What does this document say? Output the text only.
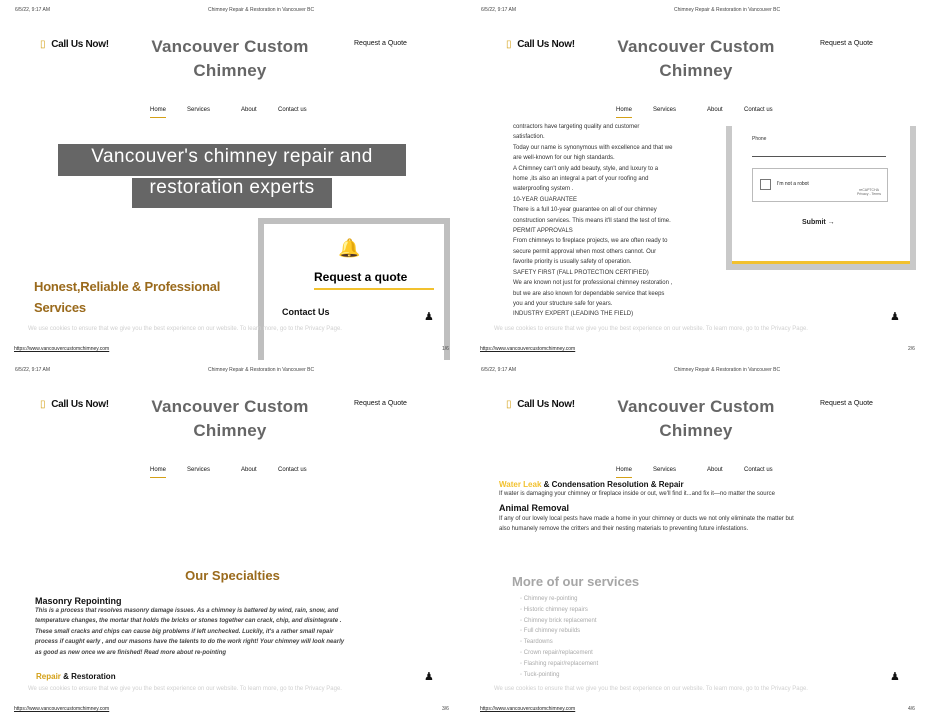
6/5/22, 9:17 AM	Chimney Repair & Restoration in Vancouver BC
▯ Call Us Now!	Vancouver Custom
Chimney
Request a Quote
Home	Services	About	Contact us
Vancouver's chimney repair and
restoration experts
Honest,Reliable & Professional
Services
🔔
Request a quote
Contact Us	♟
We use cookies to ensure that we give you the best experience on our website. To learn more, go to the Privacy Page.
https://www.vancouvercustomchimney.com	1/6
6/5/22, 9:17 AM	Chimney Repair & Restoration in Vancouver BC
▯ Call Us Now!	Vancouver Custom
Chimney
Request a Quote
Home	Services	About	Contact us
contractors have targeting quality and customer
satisfaction.
Today our name is synonymous with excellence and that we
are well-known for our high standards.
A Chimney can't only add beauty, style, and luxury to a
home ,its also an integral a part of your roofing and
waterproofing system .
10-YEAR GUARANTEE
There is a full 10-year guarantee on all of our chimney
construction services. This means it'll stand the test of time.
PERMIT APPROVALS
From chimneys to fireplace projects, we are often ready to
secure permit approval when most others cannot. Our
favorite priority is usually safety of operation.
SAFETY FIRST (FALL PROTECTION CERTIFIED)
We are known not just for professional chimney restoration ,
but we are also known for dependable service that keeps
you and your structure safe for years.
INDUSTRY EXPERT (LEADING THE FIELD)
Phone
I'm not a robot
reCAPTCHA
Privacy - Terms
Submit →
♟
We use cookies to ensure that we give you the best experience on our website. To learn more, go to the Privacy Page.
https://www.vancouvercustomchimney.com	2/6
6/5/22, 9:17 AM	Chimney Repair & Restoration in Vancouver BC
▯ Call Us Now!	Vancouver Custom
Chimney
Request a Quote
Home	Services	About	Contact us
Our Specialties
Masonry Repointing
This is a process that resolves masonry damage issues. As a chimney is battered by wind, rain, snow, and
temperature changes, the mortar that holds the bricks or stones together can crack, chip, and disintegrate .
These small cracks and chips can cause big problems if left unchecked. Luckily, it's a rather small repair
process if caught early , and our masons have the talents to do the work right! Your chimney will look nearly
as good as new once we are finished! Read more about re-pointing
Repair & Restoration	♟
We use cookies to ensure that we give you the best experience on our website. To learn more, go to the Privacy Page.
https://www.vancouvercustomchimney.com	3/6
6/5/22, 9:17 AM	Chimney Repair & Restoration in Vancouver BC
▯ Call Us Now!	Vancouver Custom
Chimney
Request a Quote
Home	Services	About	Contact us
Water Leak & Condensation Resolution & Repair
If water is damaging your chimney or fireplace inside or out, we'll find it...and fix it—no matter the source
Animal Removal
If any of our lovely local pests have made a home in your chimney or ducts we not only eliminate the matter but
also humanely remove the critters and their nesting materials to preventing future infestations.
More of our services
◦ Chimney re-pointing
◦ Historic chimney repairs
◦ Chimney brick replacement
◦ Full chimney rebuilds
◦ Teardowns
◦ Crown repair/replacement
◦ Flashing repair/replacement
◦ Tuck-pointing	♟
We use cookies to ensure that we give you the best experience on our website. To learn more, go to the Privacy Page.
https://www.vancouvercustomchimney.com	4/6
